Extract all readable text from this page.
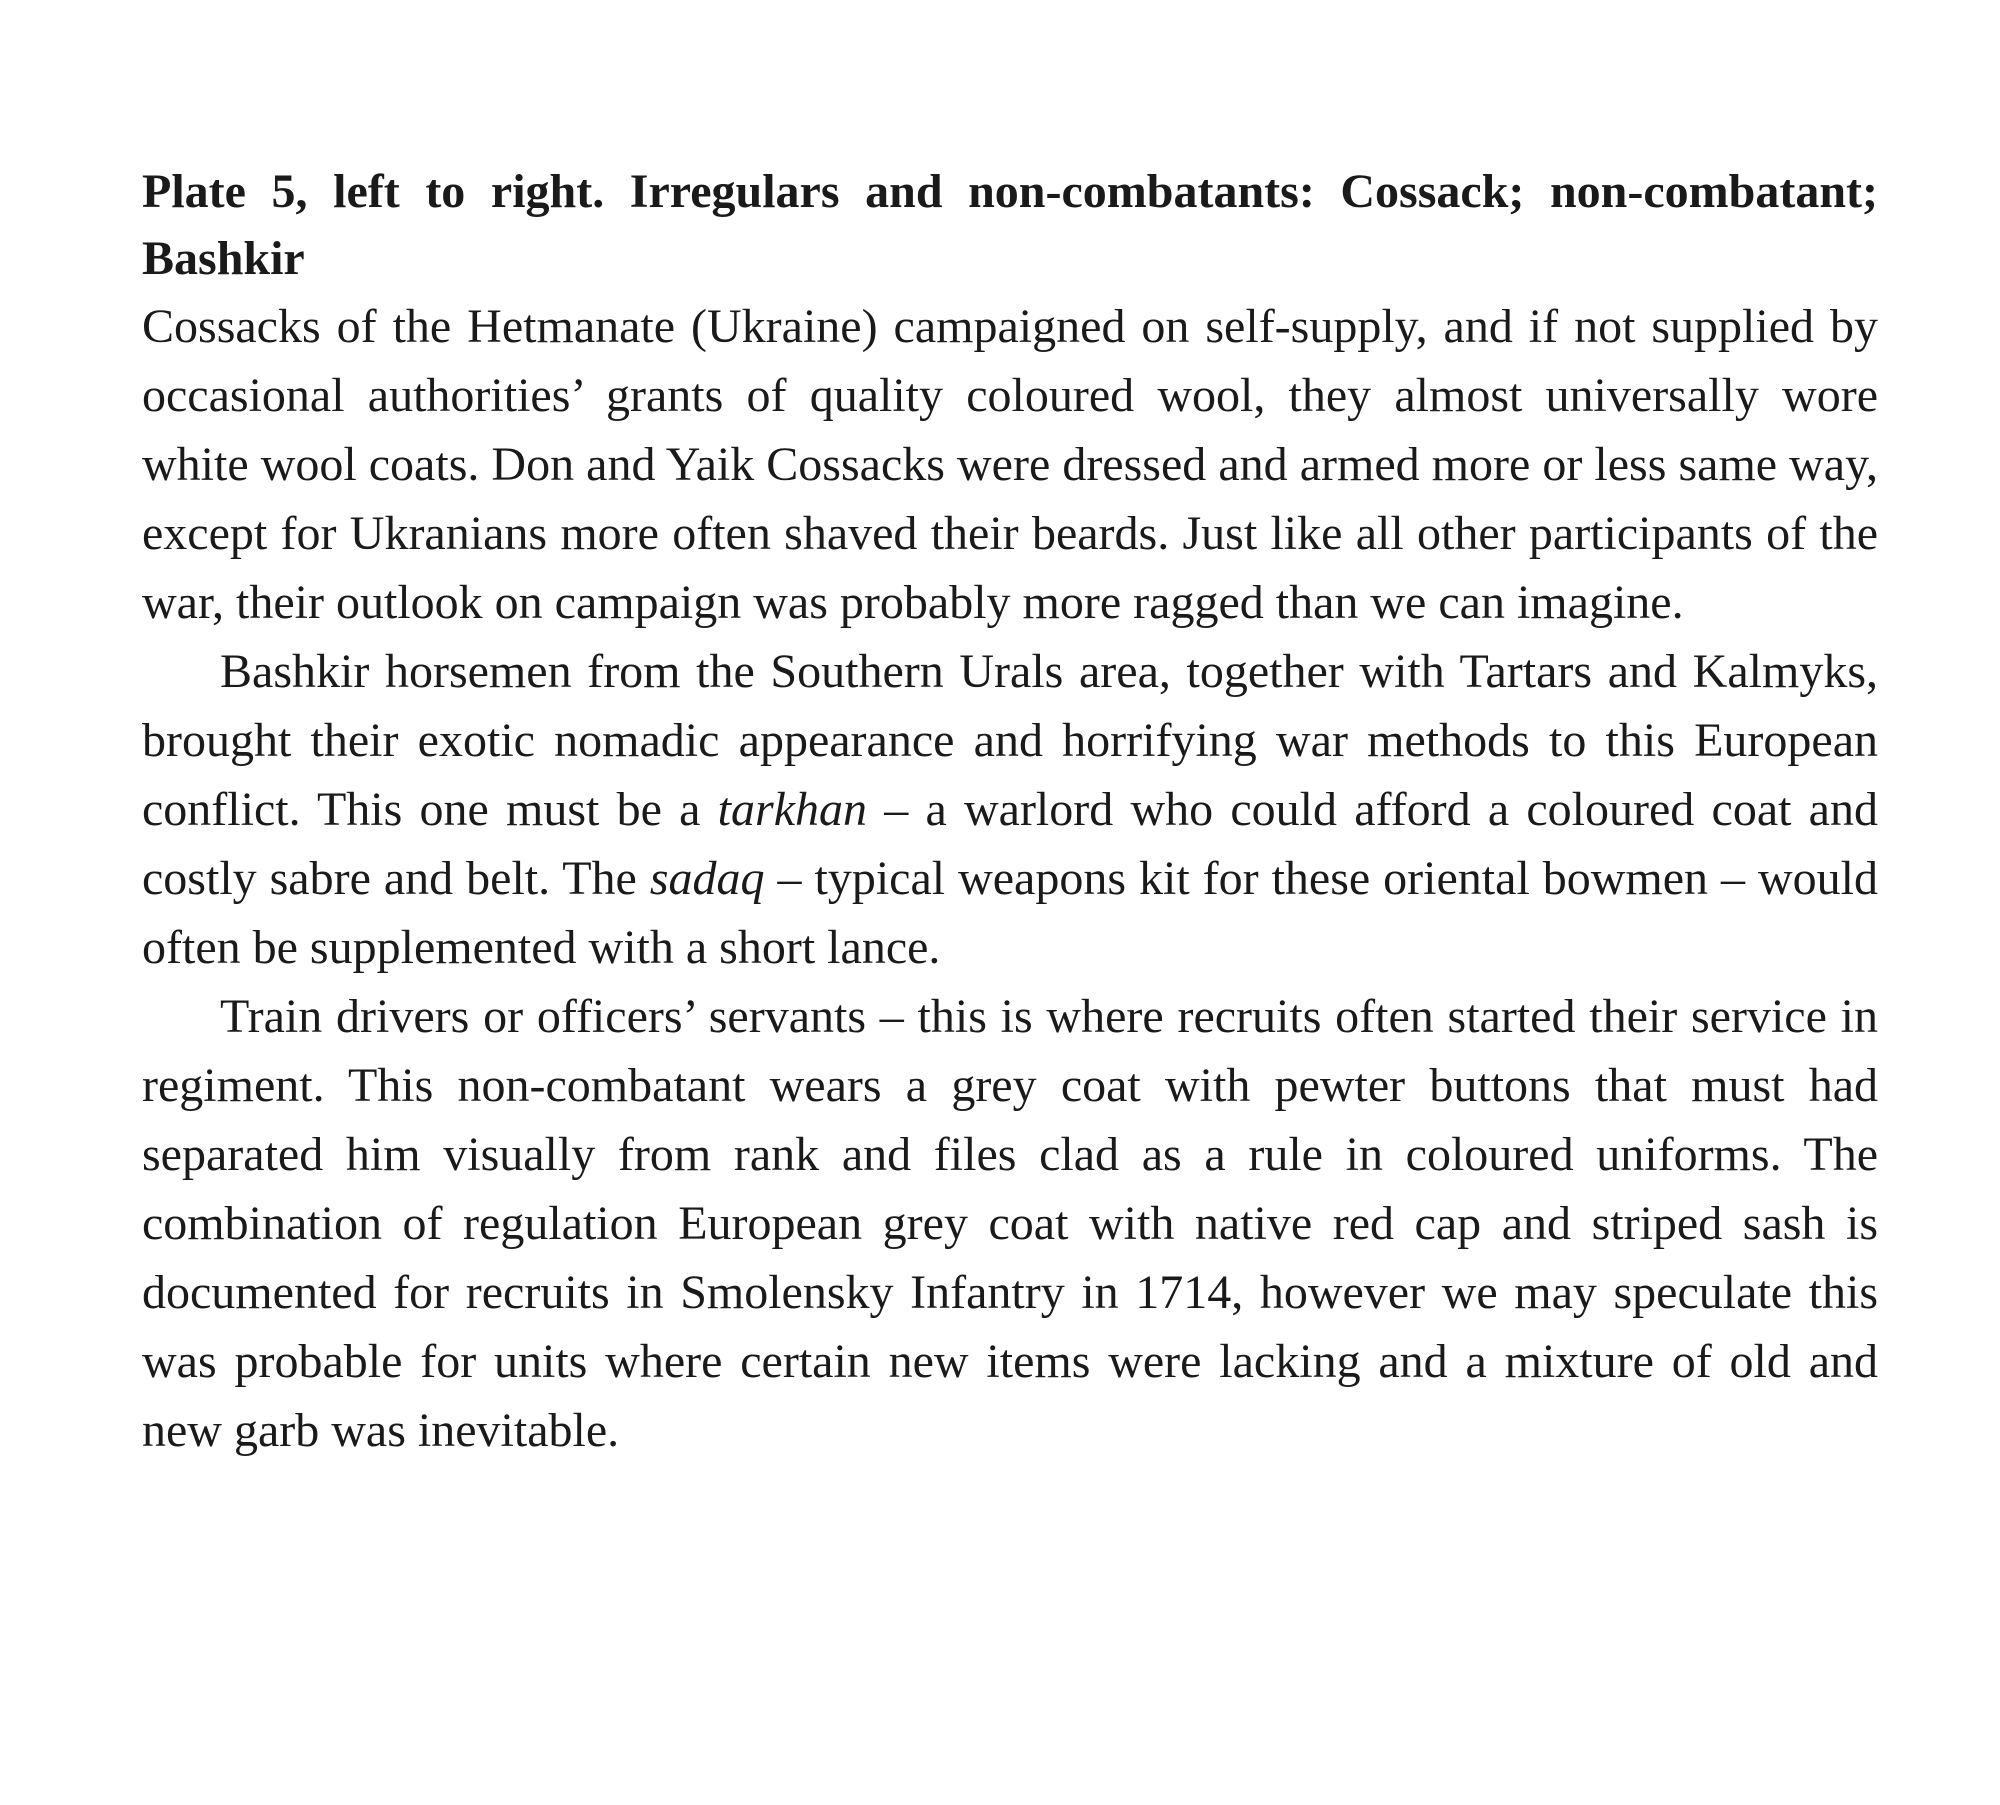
Plate 5, left to right. Irregulars and non-combatants: Cossack; non-combatant; Bashkir

Cossacks of the Hetmanate (Ukraine) campaigned on self-supply, and if not supplied by occasional authorities’ grants of quality coloured wool, they almost universally wore white wool coats. Don and Yaik Cossacks were dressed and armed more or less same way, except for Ukranians more often shaved their beards. Just like all other participants of the war, their outlook on campaign was probably more ragged than we can imagine.

Bashkir horsemen from the Southern Urals area, together with Tartars and Kalmyks, brought their exotic nomadic appearance and horrifying war methods to this European conflict. This one must be a tarkhan – a warlord who could afford a coloured coat and costly sabre and belt. The sadaq – typical weapons kit for these oriental bowmen – would often be supplemented with a short lance.

Train drivers or officers’ servants – this is where recruits often started their service in regiment. This non-combatant wears a grey coat with pewter buttons that must had separated him visually from rank and files clad as a rule in coloured uniforms. The combination of regulation European grey coat with native red cap and striped sash is documented for recruits in Smolensky Infantry in 1714, however we may speculate this was probable for units where certain new items were lacking and a mixture of old and new garb was inevitable.
